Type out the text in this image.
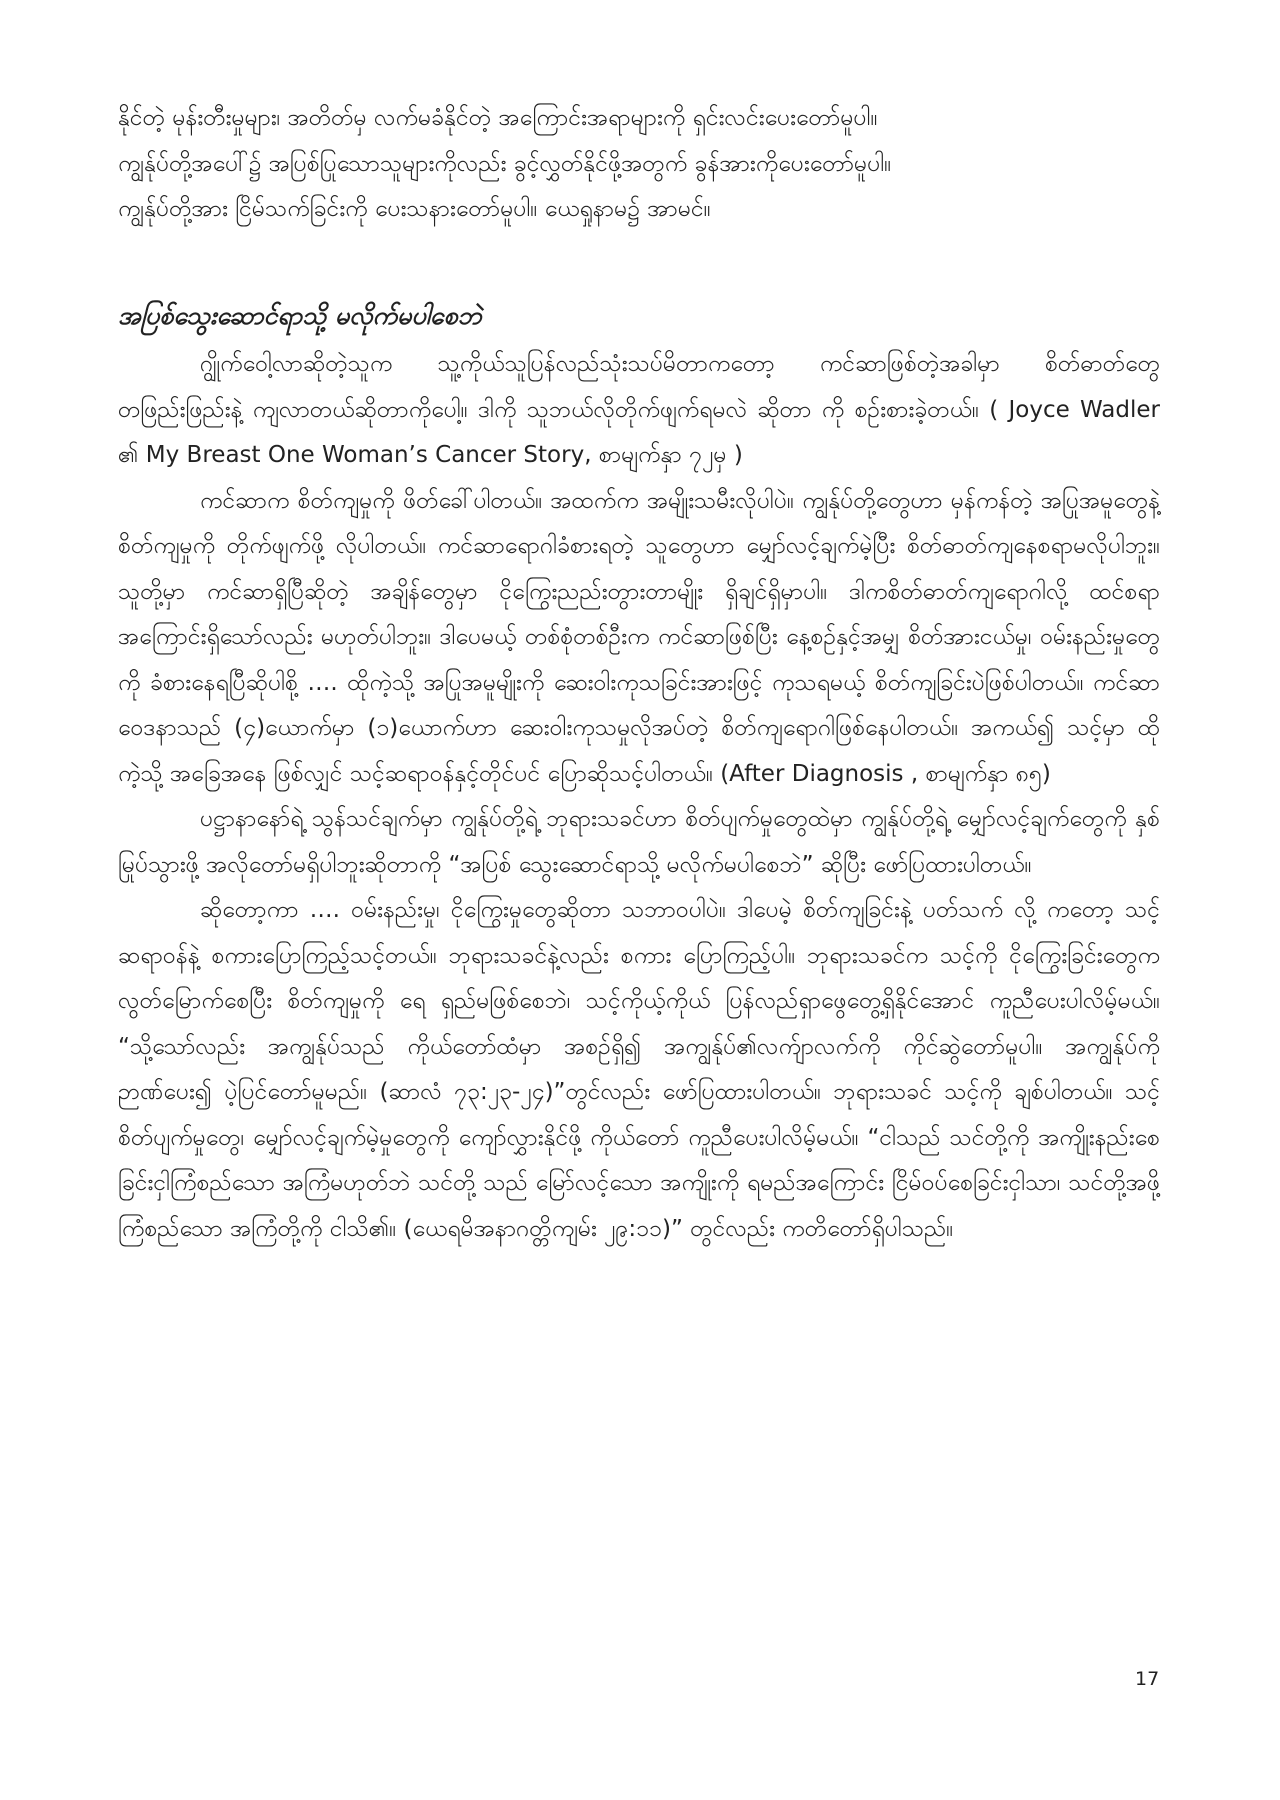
နိုင်တဲ့ မုန်းတီးမှုများ၊ အတိတ်မှ လက်မခံနိုင်တဲ့ အကြောင်းအရာများကို ရှင်းလင်းပေးတော်မူပါ။

ကျွန်ုပ်တို့အပေါ်၌ အပြစ်ပြုသောသူများကိုလည်း ခွင့်လွှတ်နိုင်ဖို့အတွက် ခွန်အားကိုပေးတော်မူပါ။

ကျွန်ုပ်တို့အား ငြိမ်သက်ခြင်းကို ပေးသနားတော်မူပါ။ ယေရှုနာမ၌ အာမင်။

အပြစ်သွေးဆောင်ရာသို့ မလိုက်မပါစေဘဲ

ဂျွိုက်ဝေါ့လာဆိုတဲ့သူက သူ့ကိုယ်သူပြန်လည်သုံးသပ်မိတာကတော့ ကင်ဆာဖြစ်တဲ့အခါမှာ စိတ်ဓာတ်တွေ တဖြည်းဖြည်းနဲ့ ကျလာတယ်ဆိုတာကိုပေါ့။ ဒါကို သူဘယ်လိုတိုက်ဖျက်ရမလဲ ဆိုတာ ကို စဉ်းစားခဲ့တယ်။ ( Joyce Wadler ၏ My Breast One Woman’s Cancer Story, စာမျက်နှာ ၇၂မှ )

ကင်ဆာက စိတ်ကျမှုကို ဖိတ်ခေါ်ပါတယ်။ အထက်က အမျိုးသမီးလိုပါပဲ။ ကျွန်ုပ်တို့တွေဟာ မှန်ကန်တဲ့ အပြုအမူတွေနဲ့ စိတ်ကျမှုကို တိုက်ဖျက်ဖို့ လိုပါတယ်။ ကင်ဆာရောဂါခံစားရတဲ့ သူတွေဟာ မျှော်လင့်ချက်မဲ့ပြီး စိတ်ဓာတ်ကျနေစရာမလိုပါဘူး။ သူတို့မှာ ကင်ဆာရှိပြီဆိုတဲ့ အချိန်တွေမှာ ငိုကြွေးညည်းတွားတာမျိုး ရှိချင်ရှိမှာပါ။ ဒါကစိတ်ဓာတ်ကျရောဂါလို့ ထင်စရာ အကြောင်းရှိသော်လည်း မဟုတ်ပါဘူး။ ဒါပေမယ့် တစ်စုံတစ်ဦးက ကင်ဆာဖြစ်ပြီး နေ့စဉ်နှင့်အမျှ စိတ်အားငယ်မှု၊ ဝမ်းနည်းမှုတွေကို ခံစားနေရပြီဆိုပါစို့ …. ထိုကဲ့သို့ အပြုအမူမျိုးကို ဆေးဝါးကုသခြင်းအားဖြင့် ကုသရမယ့် စိတ်ကျခြင်းပဲဖြစ်ပါတယ်။ ကင်ဆာဝေဒနာသည် (၄)ယောက်မှာ (၁)ယောက်ဟာ ဆေးဝါးကုသမှုလိုအပ်တဲ့ စိတ်ကျရောဂါဖြစ်နေပါတယ်။ အကယ်၍ သင့်မှာ ထိုကဲ့သို့ အခြေအနေ ဖြစ်လျှင် သင့်ဆရာဝန်နှင့်တိုင်ပင် ပြောဆိုသင့်ပါတယ်။ (After Diagnosis , စာမျက်နှာ ၈၅)

ပဋ္ဌာနာနော်ရဲ့ သွန်သင်ချက်မှာ ကျွန်ုပ်တို့ရဲ့ ဘုရားသခင်ဟာ စိတ်ပျက်မှုတွေထဲမှာ ကျွန်ုပ်တို့ရဲ့ မျှော်လင့်ချက်တွေကို နှစ်မြုပ်သွားဖို့ အလိုတော်မရှိပါဘူးဆိုတာကို “အပြစ် သွေးဆောင်ရာသို့ မလိုက်မပါစေဘဲ” ဆိုပြီး ဖော်ပြထားပါတယ်။

ဆိုတော့ကာ …. ဝမ်းနည်းမှု၊ ငိုကြွေးမှုတွေဆိုတာ သဘာဝပါပဲ။ ဒါပေမဲ့ စိတ်ကျခြင်းနဲ့ ပတ်သက် လို့ ကတော့ သင့်ဆရာဝန်နဲ့ စကားပြောကြည့်သင့်တယ်။ ဘုရားသခင်နဲ့လည်း စကား ပြောကြည့်ပါ။ ဘုရားသခင်က သင့်ကို ငိုကြွေးခြင်းတွေက လွတ်မြောက်စေပြီး စိတ်ကျမှုကို ရေ ရှည်မဖြစ်စေဘဲ၊ သင့်ကိုယ့်ကိုယ် ပြန်လည်ရှာဖွေတွေ့ရှိနိုင်အောင် ကူညီပေးပါလိမ့်မယ်။ “သို့သော်လည်း အကျွန်ုပ်သည် ကိုယ်တော်ထံမှာ အစဉ်ရှိ၍ အကျွန်ုပ်၏လက်ျာလက်ကို ကိုင်ဆွဲတော်မူပါ။ အကျွန်ုပ်ကို ဉာဏ်ပေး၍ ပဲ့ပြင်တော်မူမည်။ (ဆာလံ ၇၃:၂၃-၂၄)”တွင်လည်း ဖော်ပြထားပါတယ်။ ဘုရားသခင် သင့်ကို ချစ်ပါတယ်။ သင့်စိတ်ပျက်မှုတွေ၊ မျှော်လင့်ချက်မဲ့မှုတွေကို ကျော်လွှားနိုင်ဖို့ ကိုယ်တော် ကူညီပေးပါလိမ့်မယ်။ “ငါသည် သင်တို့ကို အကျိုးနည်းစေခြင်းငှါကြံစည်သော အကြံမဟုတ်ဘဲ သင်တို့ သည် မြော်လင့်သော အကျိုးကို ရမည်အကြောင်း ငြိမ်ဝပ်စေခြင်းငှါသာ၊ သင်တို့အဖို့ ကြံစည်သော အကြံတို့ကို ငါသိ၏။ (ယေရမိအနာဂတ္တိကျမ်း ၂၉:၁၁)” တွင်လည်း ကတိတော်ရှိပါသည်။

17
